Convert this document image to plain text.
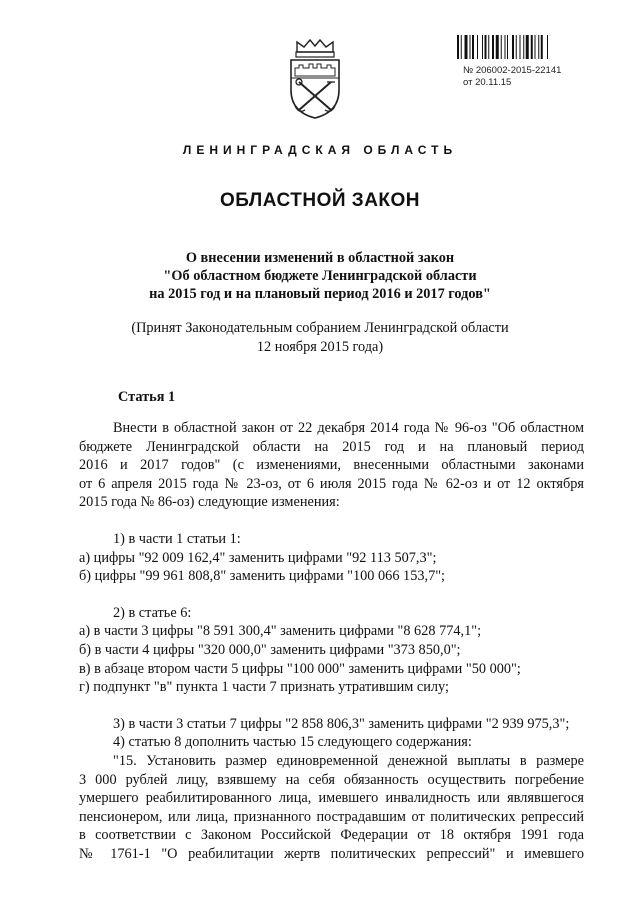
№ 206002-2015-22141
от 20.11.15
ЛЕНИНГРАДСКАЯ ОБЛАСТЬ
ОБЛАСТНОЙ ЗАКОН
О внесении изменений в областной закон
"Об областном бюджете Ленинградской области
на 2015 год и на плановый период 2016 и 2017 годов"
(Принят Законодательным собранием Ленинградской области
12 ноября 2015 года)
Статья 1

Внести в областной закон от 22 декабря 2014 года № 96-оз "Об областном

бюджете Ленинградской области на 2015 год и на плановый период

2016 и 2017 годов" (с изменениями, внесенными областными законами

от 6 апреля 2015 года № 23-оз, от 6 июля 2015 года № 62-оз и от 12 октября

2015 года № 86-оз) следующие изменения:

1) в части 1 статьи 1:

а) цифры "92 009 162,4" заменить цифрами "92 113 507,3";

б) цифры "99 961 808,8" заменить цифрами "100 066 153,7";

2) в статье 6:

а) в части 3 цифры "8 591 300,4" заменить цифрами "8 628 774,1";

б) в части 4 цифры "320 000,0" заменить цифрами "373 850,0";

в) в абзаце втором части 5 цифры "100 000" заменить цифрами "50 000";

г) подпункт "в" пункта 1 части 7 признать утратившим силу;

3) в части 3 статьи 7 цифры "2 858 806,3" заменить цифрами "2 939 975,3";

4) статью 8 дополнить частью 15 следующего содержания:

"15. Установить размер единовременной денежной выплаты в размере

3 000 рублей лицу, взявшему на себя обязанность осуществить погребение

умершего реабилитированного лица, имевшего инвалидность или являвшегося

пенсионером, или лица, признанного пострадавшим от политических репрессий

в соответствии с Законом Российской Федерации от 18 октября 1991 года

№ 1761-1 "О реабилитации жертв политических репрессий" и имевшего
